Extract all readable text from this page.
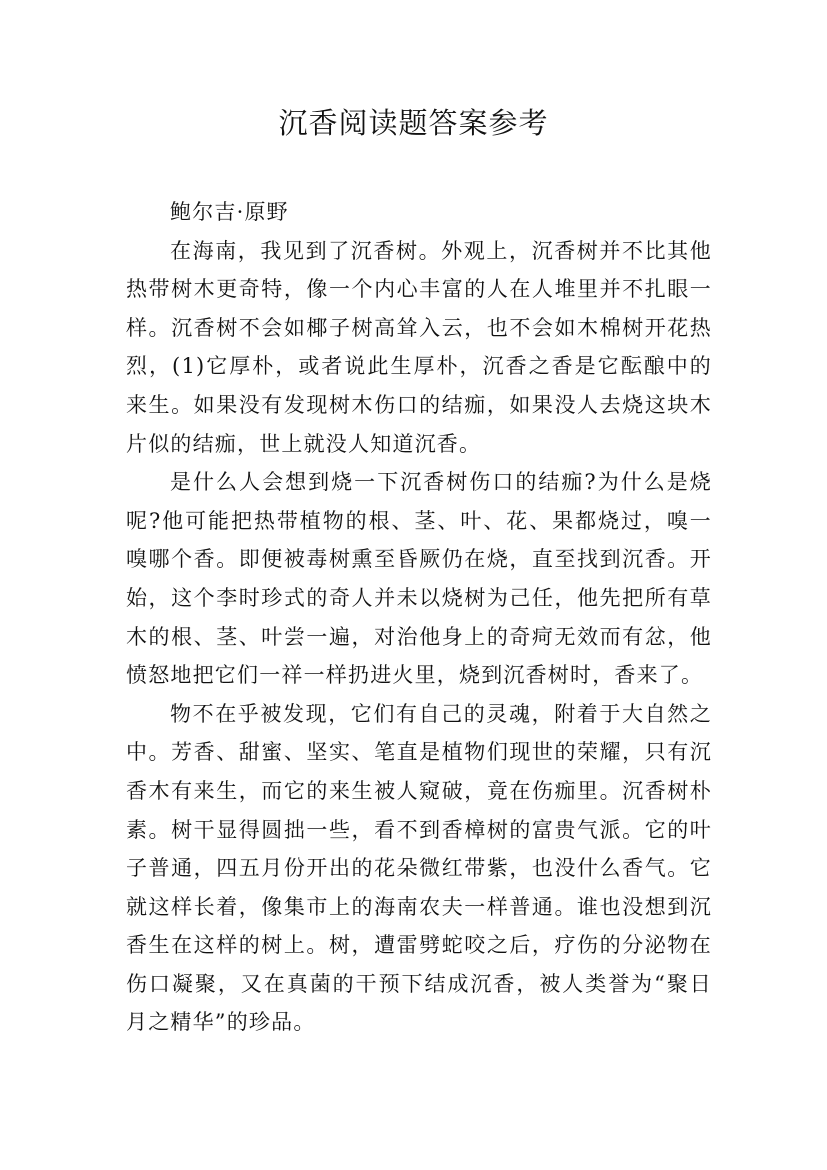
沉香阅读题答案参考

鲍尔吉·原野

在海南，我见到了沉香树。外观上，沉香树并不比其他热带树木更奇特，像一个内心丰富的人在人堆里并不扎眼一样。沉香树不会如椰子树高耸入云，也不会如木棉树开花热烈，(1)它厚朴，或者说此生厚朴，沉香之香是它酝酿中的来生。如果没有发现树木伤口的结痂，如果没人去烧这块木片似的结痂，世上就没人知道沉香。

是什么人会想到烧一下沉香树伤口的结痂?为什么是烧呢?他可能把热带植物的根、茎、叶、花、果都烧过，嗅一嗅哪个香。即便被毒树熏至昏厥仍在烧，直至找到沉香。开始，这个李时珍式的奇人并未以烧树为己任，他先把所有草木的根、茎、叶尝一遍，对治他身上的奇疴无效而有忿，他愤怒地把它们一祥一样扔进火里，烧到沉香树时，香来了。

物不在乎被发现，它们有自己的灵魂，附着于大自然之中。芳香、甜蜜、坚实、笔直是植物们现世的荣耀，只有沉香木有来生，而它的来生被人窥破，竟在伤痂里。沉香树朴素。树干显得圆拙一些，看不到香樟树的富贵气派。它的叶子普通，四五月份开出的花朵微红带紫，也没什么香气。它就这样长着，像集市上的海南农夫一样普通。谁也没想到沉香生在这样的树上。树，遭雷劈蛇咬之后，疗伤的分泌物在伤口凝聚，又在真菌的干预下结成沉香，被人类誉为“聚日月之精华”的珍品。
